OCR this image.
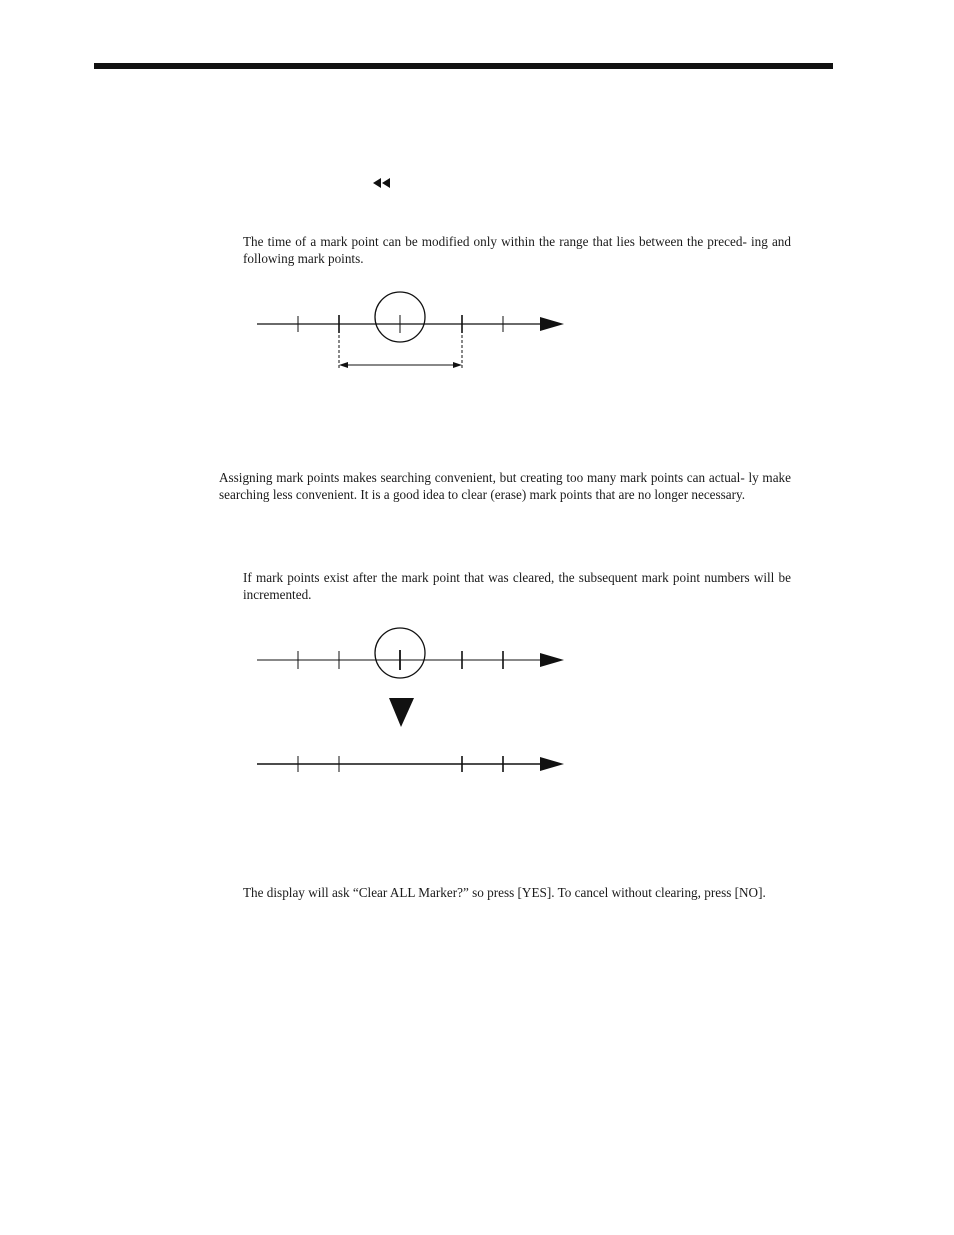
The time of a mark point can be modified only within the range that lies between the preced- ing and following mark points.

Assigning mark points makes searching convenient, but creating too many mark points can actual- ly make searching less convenient. It is a good idea to clear (erase) mark points that are no longer necessary.

If mark points exist after the mark point that was cleared, the subsequent mark point numbers will be incremented.

The display will ask “Clear ALL Marker?” so press [YES]. To cancel without clearing, press [NO].
